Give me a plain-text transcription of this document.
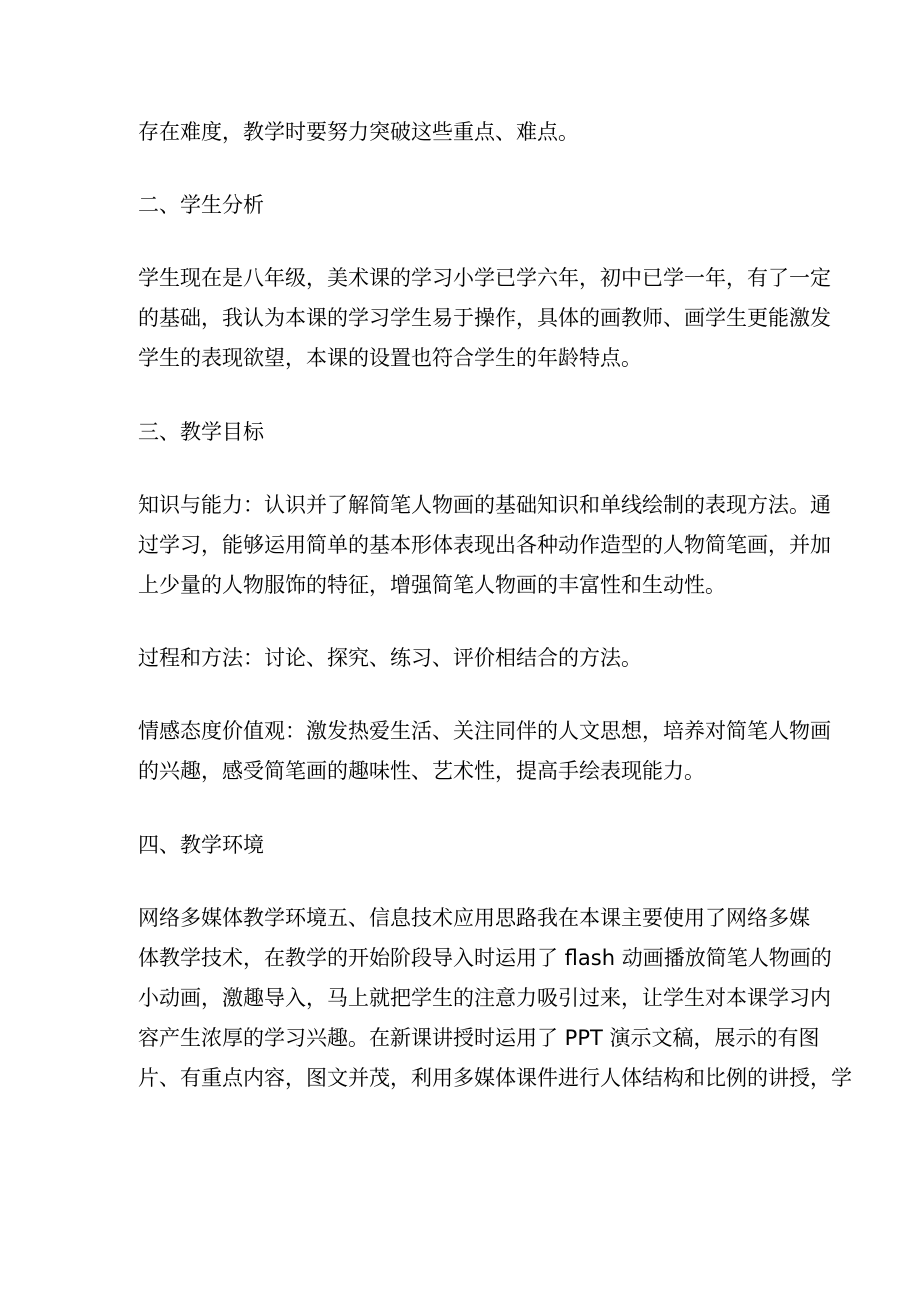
存在难度，教学时要努力突破这些重点、难点。
二、学生分析
学生现在是八年级，美术课的学习小学已学六年，初中已学一年，有了一定
的基础，我认为本课的学习学生易于操作，具体的画教师、画学生更能激发
学生的表现欲望，本课的设置也符合学生的年龄特点。
三、教学目标
知识与能力：认识并了解简笔人物画的基础知识和单线绘制的表现方法。通
过学习，能够运用简单的基本形体表现出各种动作造型的人物简笔画，并加
上少量的人物服饰的特征，增强简笔人物画的丰富性和生动性。
过程和方法：讨论、探究、练习、评价相结合的方法。
情感态度价值观：激发热爱生活、关注同伴的人文思想，培养对简笔人物画
的兴趣，感受简笔画的趣味性、艺术性，提高手绘表现能力。
四、教学环境
网络多媒体教学环境五、信息技术应用思路我在本课主要使用了网络多媒
体教学技术，在教学的开始阶段导入时运用了 flash 动画播放简笔人物画的
小动画，激趣导入，马上就把学生的注意力吸引过来，让学生对本课学习内
容产生浓厚的学习兴趣。在新课讲授时运用了 PPT 演示文稿，展示的有图
片、有重点内容，图文并茂，利用多媒体课件进行人体结构和比例的讲授，学
